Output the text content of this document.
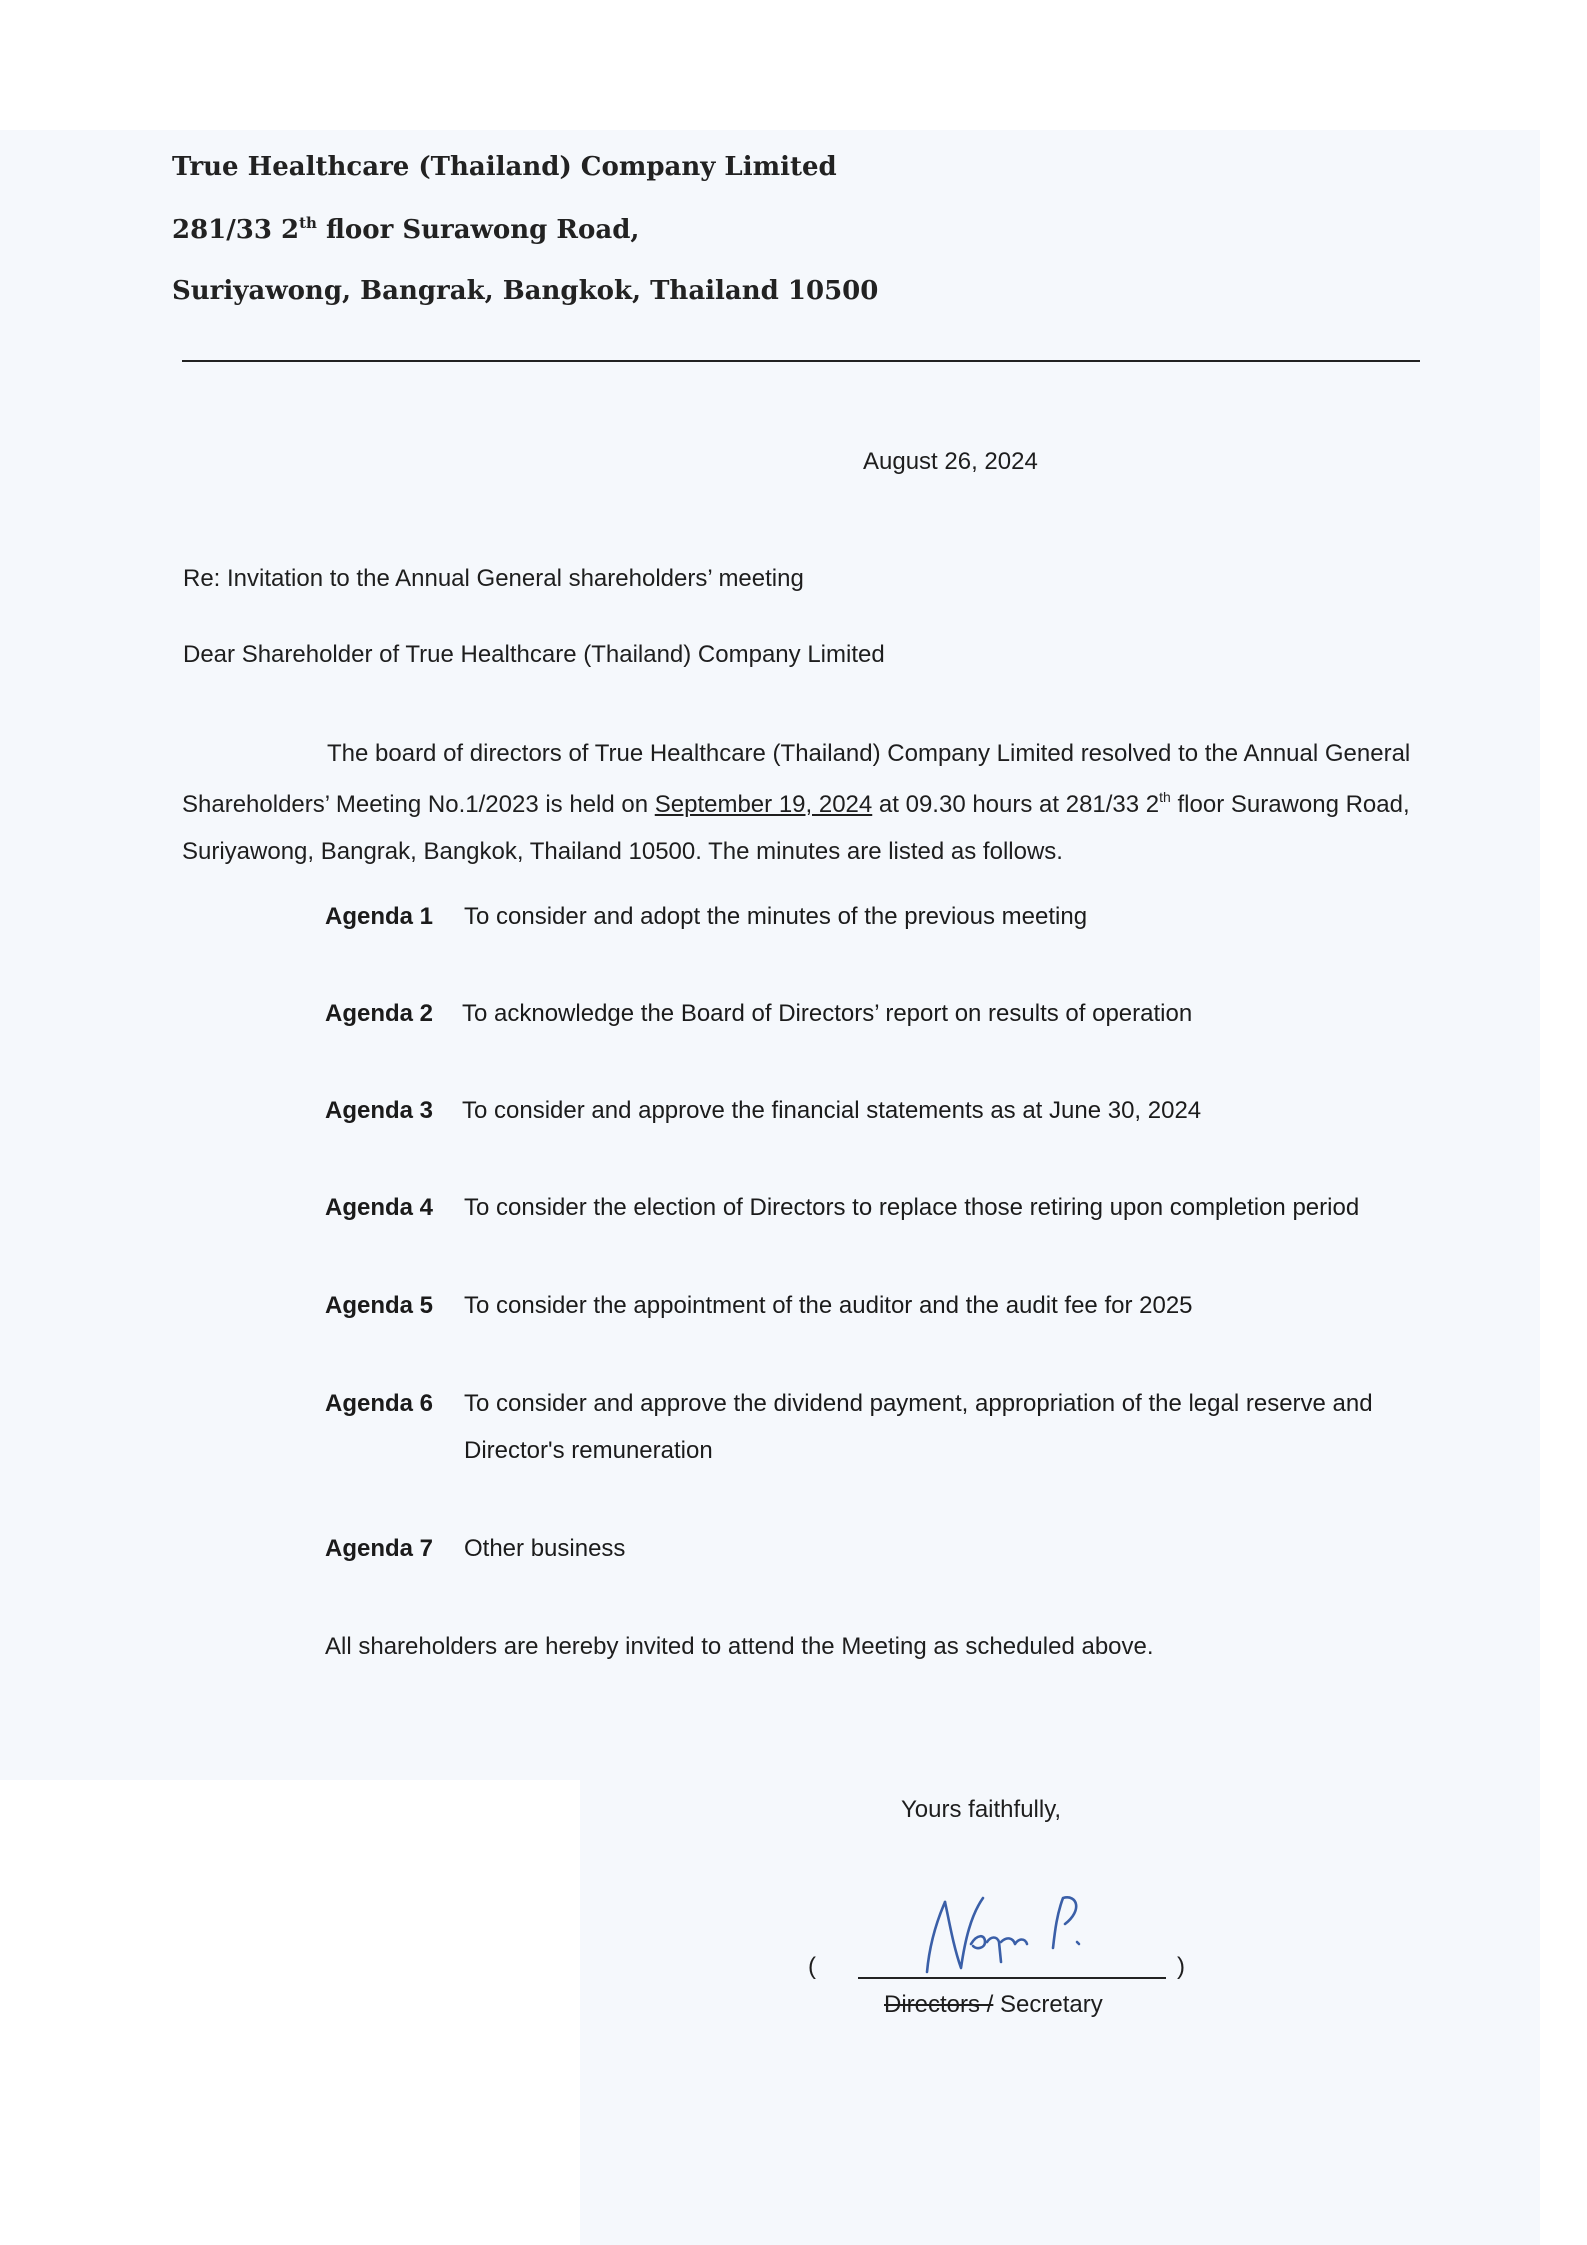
True Healthcare (Thailand) Company Limited
281/33 2th floor Surawong Road,
Suriyawong, Bangrak, Bangkok, Thailand 10500
August 26, 2024
Re: Invitation to the Annual General shareholders’ meeting
Dear Shareholder of True Healthcare (Thailand) Company Limited
The board of directors of True Healthcare (Thailand) Company Limited resolved to the Annual General
Shareholders’ Meeting No.1/2023 is held on September 19, 2024 at 09.30 hours at 281/33 2th floor Surawong Road,
Suriyawong, Bangrak, Bangkok, Thailand 10500. The minutes are listed as follows.
Agenda 1 To consider and adopt the minutes of the previous meeting
Agenda 2 To acknowledge the Board of Directors’ report on results of operation
Agenda 3 To consider and approve the financial statements as at June 30, 2024
Agenda 4 To consider the election of Directors to replace those retiring upon completion period
Agenda 5 To consider the appointment of the auditor and the audit fee for 2025
Agenda 6 To consider and approve the dividend payment, appropriation of the legal reserve and
Director's remuneration
Agenda 7 Other business
All shareholders are hereby invited to attend the Meeting as scheduled above.
Yours faithfully,
(	)
Directors / Secretary
